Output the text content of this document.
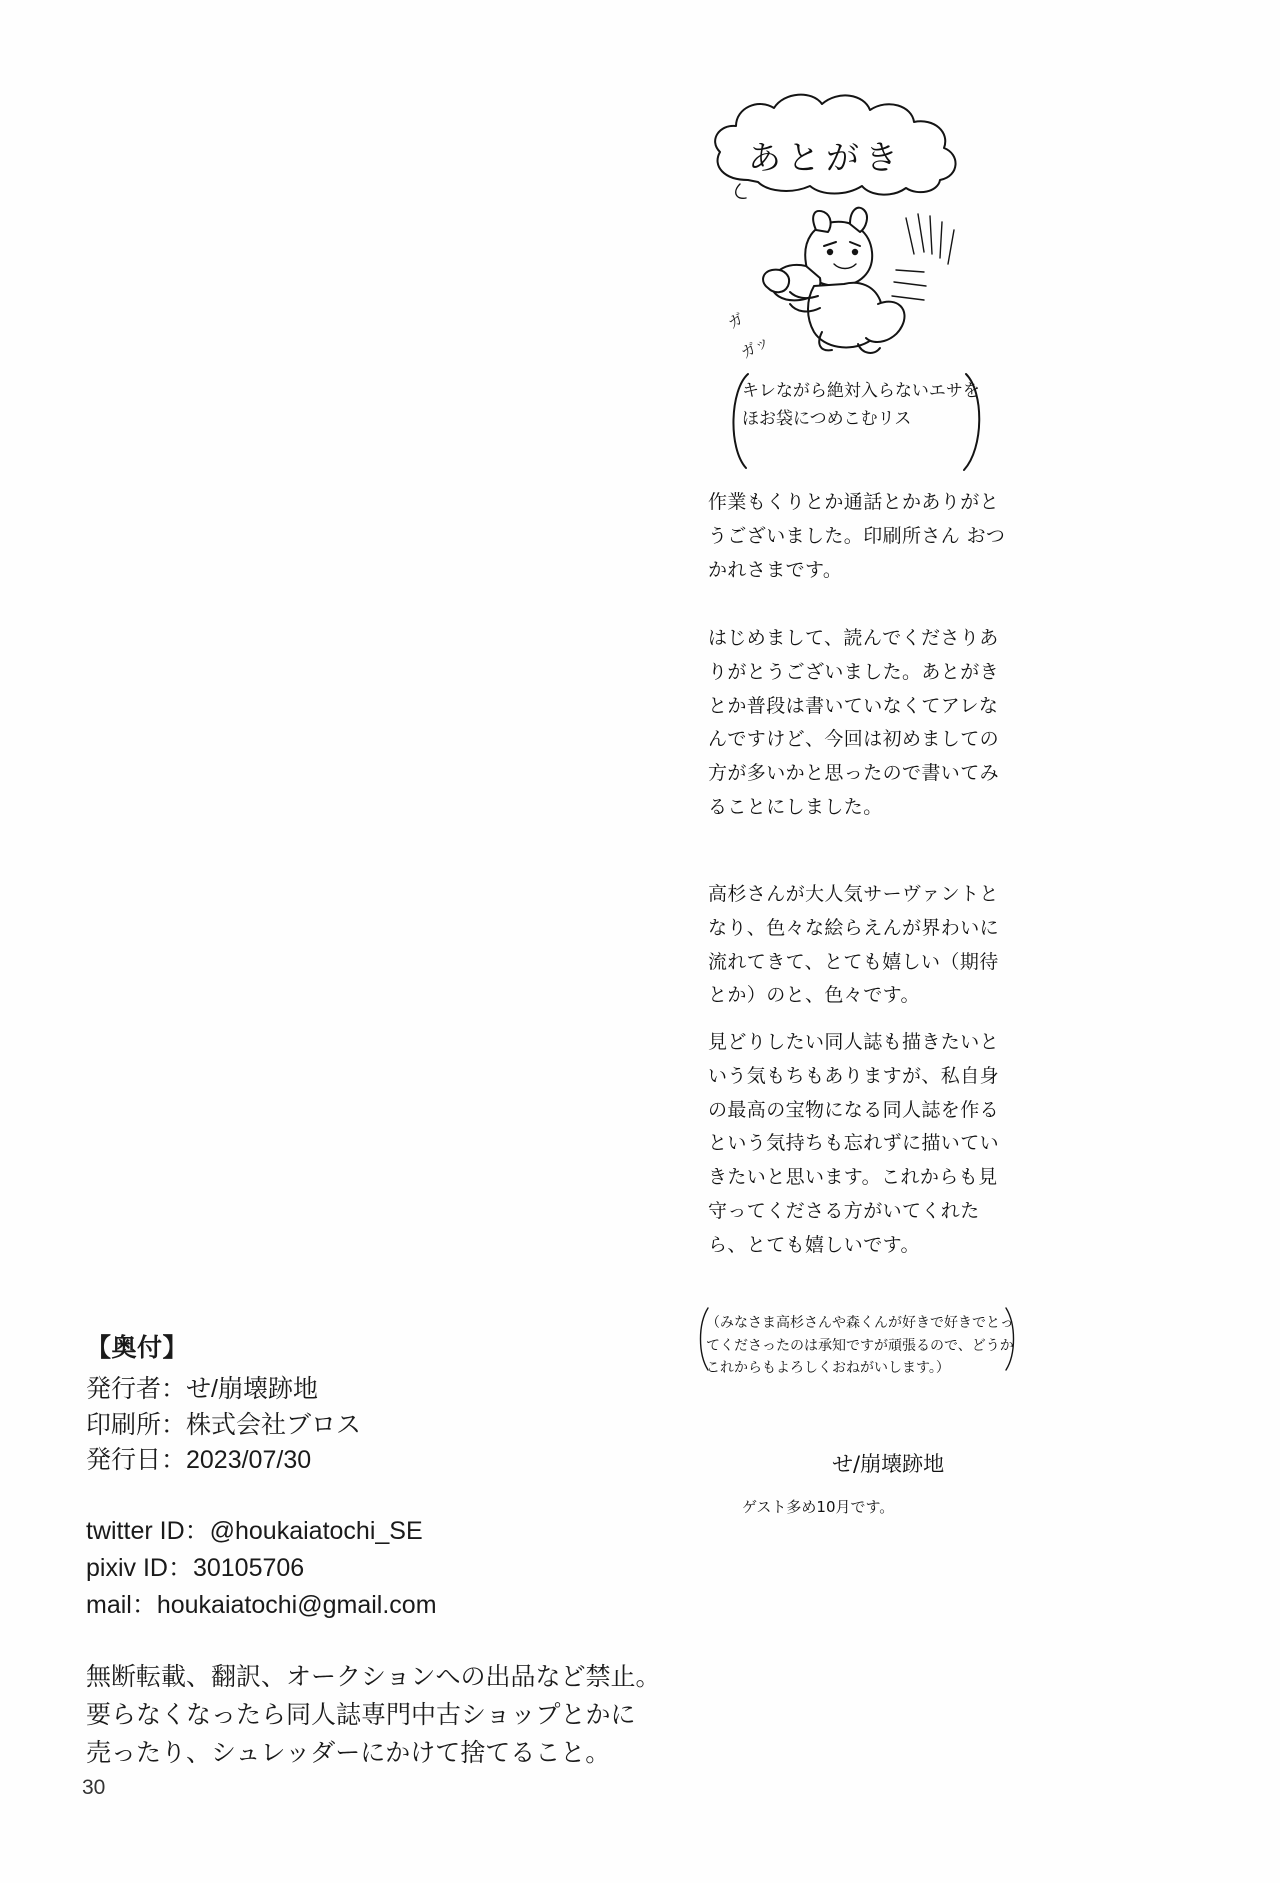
【奥付】

発行者：せ/崩壊跡地

印刷所：株式会社ブロス

発行日：2023/07/30

twitter ID：@houkaiatochi_SE

pixiv ID：30105706

mail：houkaiatochi@gmail.com

無断転載、翻訳、オークションへの出品など禁止。

要らなくなったら同人誌専門中古ショップとかに

売ったり、シュレッダーにかけて捨てること。

30
あとがき
ガ
ガッ
キレながら絶対入らないエサをほお袋につめこむリス
作業もくりとか通話とかありがとうございました。印刷所さん おつかれさまです。
はじめまして、読んでくださりありがとうございました。あとがきとか普段は書いていなくてアレなんですけど、今回は初めましての方が多いかと思ったので書いてみることにしました。
高杉さんが大人気サーヴァントとなり、色々な絵らえんが界わいに流れてきて、とても嬉しい（期待とか）のと、色々です。
見どりしたい同人誌も描きたいという気もちもありますが、私自身の最高の宝物になる同人誌を作るという気持ちも忘れずに描いていきたいと思います。これからも見守ってくださる方がいてくれたら、とても嬉しいです。
（みなさま高杉さんや森くんが好きで好きでとってくださったのは承知ですが頑張るので、どうかこれからもよろしくおねがいします。）
せ/崩壊跡地
ゲスト多め10月です。
